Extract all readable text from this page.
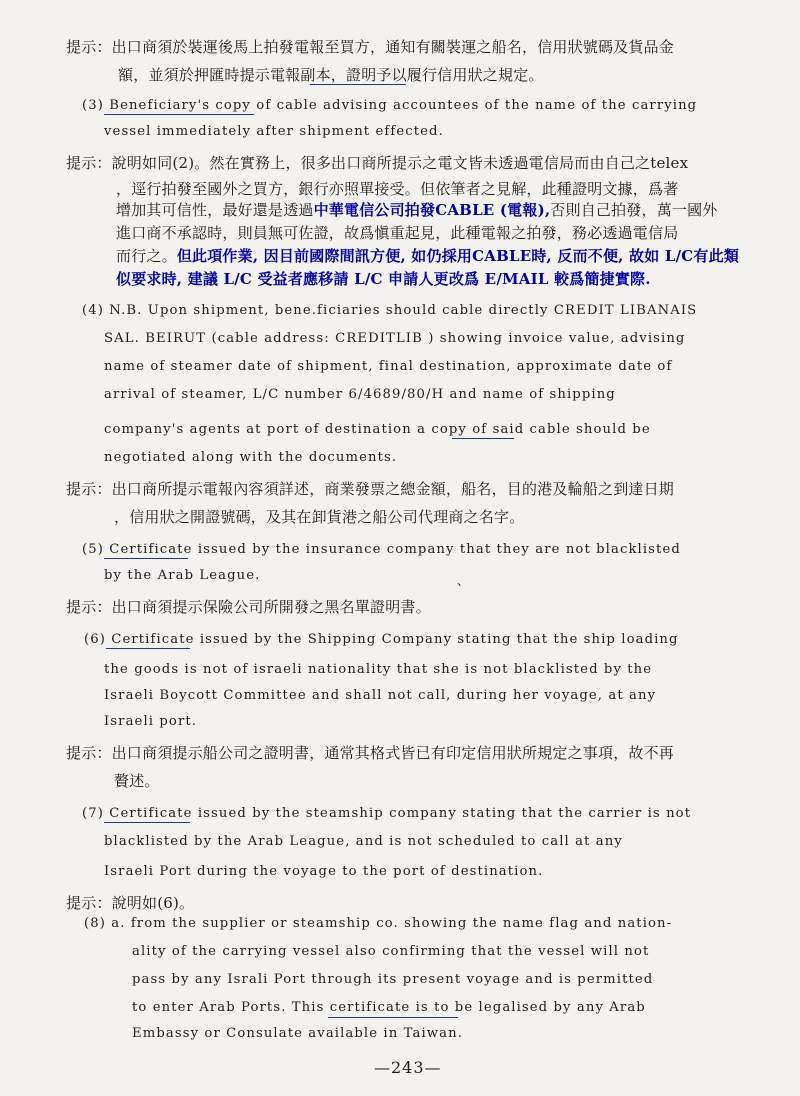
提示：出口商須於裝運後馬上拍發電報至買方，通知有關裝運之船名，信用狀號碼及貨品金
額，並須於押匯時提示電報副本，證明予以履行信用狀之規定。
(3) Beneficiary's copy of cable advising accountees of the name of the carrying
vessel immediately after shipment effected.
提示：說明如同(2)。然在實務上，很多出口商所提示之電文皆未透過電信局而由自己之telex
，逕行拍發至國外之買方，銀行亦照單接受。但依筆者之見解，此種證明文據，爲著
增加其可信性，最好還是透過中華電信公司拍發CABLE (電報),否則自己拍發，萬一國外
進口商不承認時，則員無可佐證，故爲愼重起見，此種電報之拍發，務必透過電信局
而行之。但此項作業, 因目前國際間訊方便, 如仍採用CABLE時, 反而不便, 故如 L/C有此類
似要求時, 建議 L/C 受益者應移請 L/C 申請人更改爲 E/MAIL 較爲簡捷實際.
(4) N.B. Upon shipment, bene.ficiaries should cable directly CREDIT LIBANAIS
SAL. BEIRUT (cable address: CREDITLIB ) showing invoice value, advising
name of steamer date of shipment, final destination, approximate date of
arrival of steamer, L/C number 6/4689/80/H and name of shipping
company's agents at port of destination a copy of said cable should be
negotiated along with the documents.
提示：出口商所提示電報內容須詳述，商業發票之總金額，船名，目的港及輪船之到達日期
，信用狀之開證號碼，及其在卸貨港之船公司代理商之名字。
(5) Certificate issued by the insurance company that they are not blacklisted
by the Arab League.	、
提示：出口商須提示保險公司所開發之黑名單證明書。
(6) Certificate issued by the Shipping Company stating that the ship loading
the goods is not of israeli nationality that she is not blacklisted by the
Israeli Boycott Committee and shall not call, during her voyage, at any
Israeli port.
提示：出口商須提示船公司之證明書，通常其格式皆已有印定信用狀所規定之事項，故不再
贅述。
(7) Certificate issued by the steamship company stating that the carrier is not
blacklisted by the Arab League, and is not scheduled to call at any
Israeli Port during the voyage to the port of destination.
提示：說明如(6)。
(8) a. from the supplier or steamship co. showing the name flag and nation-
ality of the carrying vessel also confirming that the vessel will not
pass by any Israli Port through its present voyage and is permitted
to enter Arab Ports. This certificate is to be legalised by any Arab
Embassy or Consulate available in Taiwan.
—243—
